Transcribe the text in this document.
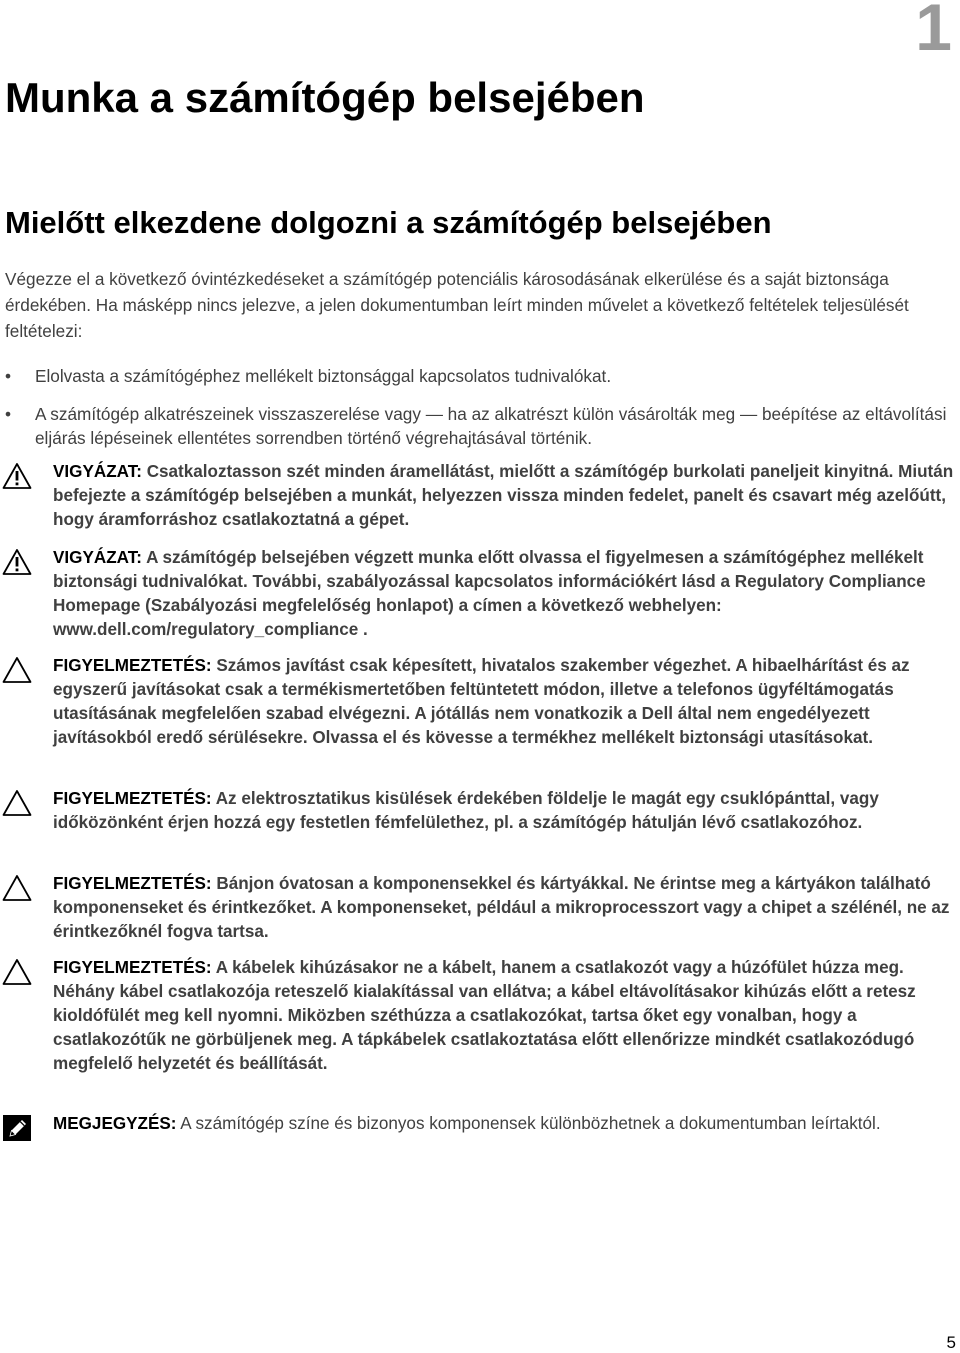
1
Munka a számítógép belsejében
Mielőtt elkezdene dolgozni a számítógép belsejében

Végezze el a következő óvintézkedéseket a számítógép potenciális károsodásának elkerülése és a saját biztonsága érdekében. Ha másképp nincs jelezve, a jelen dokumentumban leírt minden művelet a következő feltételek teljesülését feltételezi:

• Elolvasta a számítógéphez mellékelt biztonsággal kapcsolatos tudnivalókat.
• A számítógép alkatrészeinek visszaszerelése vagy — ha az alkatrészt külön vásárolták meg — beépítése az eltávolítási eljárás lépéseinek ellentétes sorrendben történő végrehajtásával történik.
VIGYÁZAT: Csatkaloztasson szét minden áramellátást, mielőtt a számítógép burkolati paneljeit kinyitná. Miután befejezte a számítógép belsejében a munkát, helyezzen vissza minden fedelet, panelt és csavart még azelőútt, hogy áramforráshoz csatlakoztatná a gépet.
VIGYÁZAT: A számítógép belsejében végzett munka előtt olvassa el figyelmesen a számítógéphez mellékelt biztonsági tudnivalókat. További, szabályozással kapcsolatos információkért lásd a Regulatory Compliance Homepage (Szabályozási megfelelőség honlapot) a címen a következő webhelyen: www.dell.com/regulatory_compliance .
FIGYELMEZTETÉS: Számos javítást csak képesített, hivatalos szakember végezhet. A hibaelhárítást és az egyszerű javításokat csak a termékismertetőben feltüntetett módon, illetve a telefonos ügyféltámogatás utasításának megfelelően szabad elvégezni. A jótállás nem vonatkozik a Dell által nem engedélyezett javításokból eredő sérülésekre. Olvassa el és kövesse a termékhez mellékelt biztonsági utasításokat.
FIGYELMEZTETÉS: Az elektrosztatikus kisülések érdekében földelje le magát egy csuklópánttal, vagy időközönként érjen hozzá egy festetlen fémfelülethez, pl. a számítógép hátulján lévő csatlakozóhoz.
FIGYELMEZTETÉS: Bánjon óvatosan a komponensekkel és kártyákkal. Ne érintse meg a kártyákon található komponenseket és érintkezőket. A komponenseket, például a mikroprocesszort vagy a chipet a szélénél, ne az érintkezőknél fogva tartsa.
FIGYELMEZTETÉS: A kábelek kihúzásakor ne a kábelt, hanem a csatlakozót vagy a húzófület húzza meg. Néhány kábel csatlakozója reteszelő kialakítással van ellátva; a kábel eltávolításakor kihúzás előtt a retesz kioldófülét meg kell nyomni. Miközben széthúzza a csatlakozókat, tartsa őket egy vonalban, hogy a csatlakozótűk ne görbüljenek meg. A tápkábelek csatlakoztatása előtt ellenőrizze mindkét csatlakozódugó megfelelő helyzetét és beállítását.
MEGJEGYZÉS: A számítógép színe és bizonyos komponensek különbözhetnek a dokumentumban leírtaktól.
5
